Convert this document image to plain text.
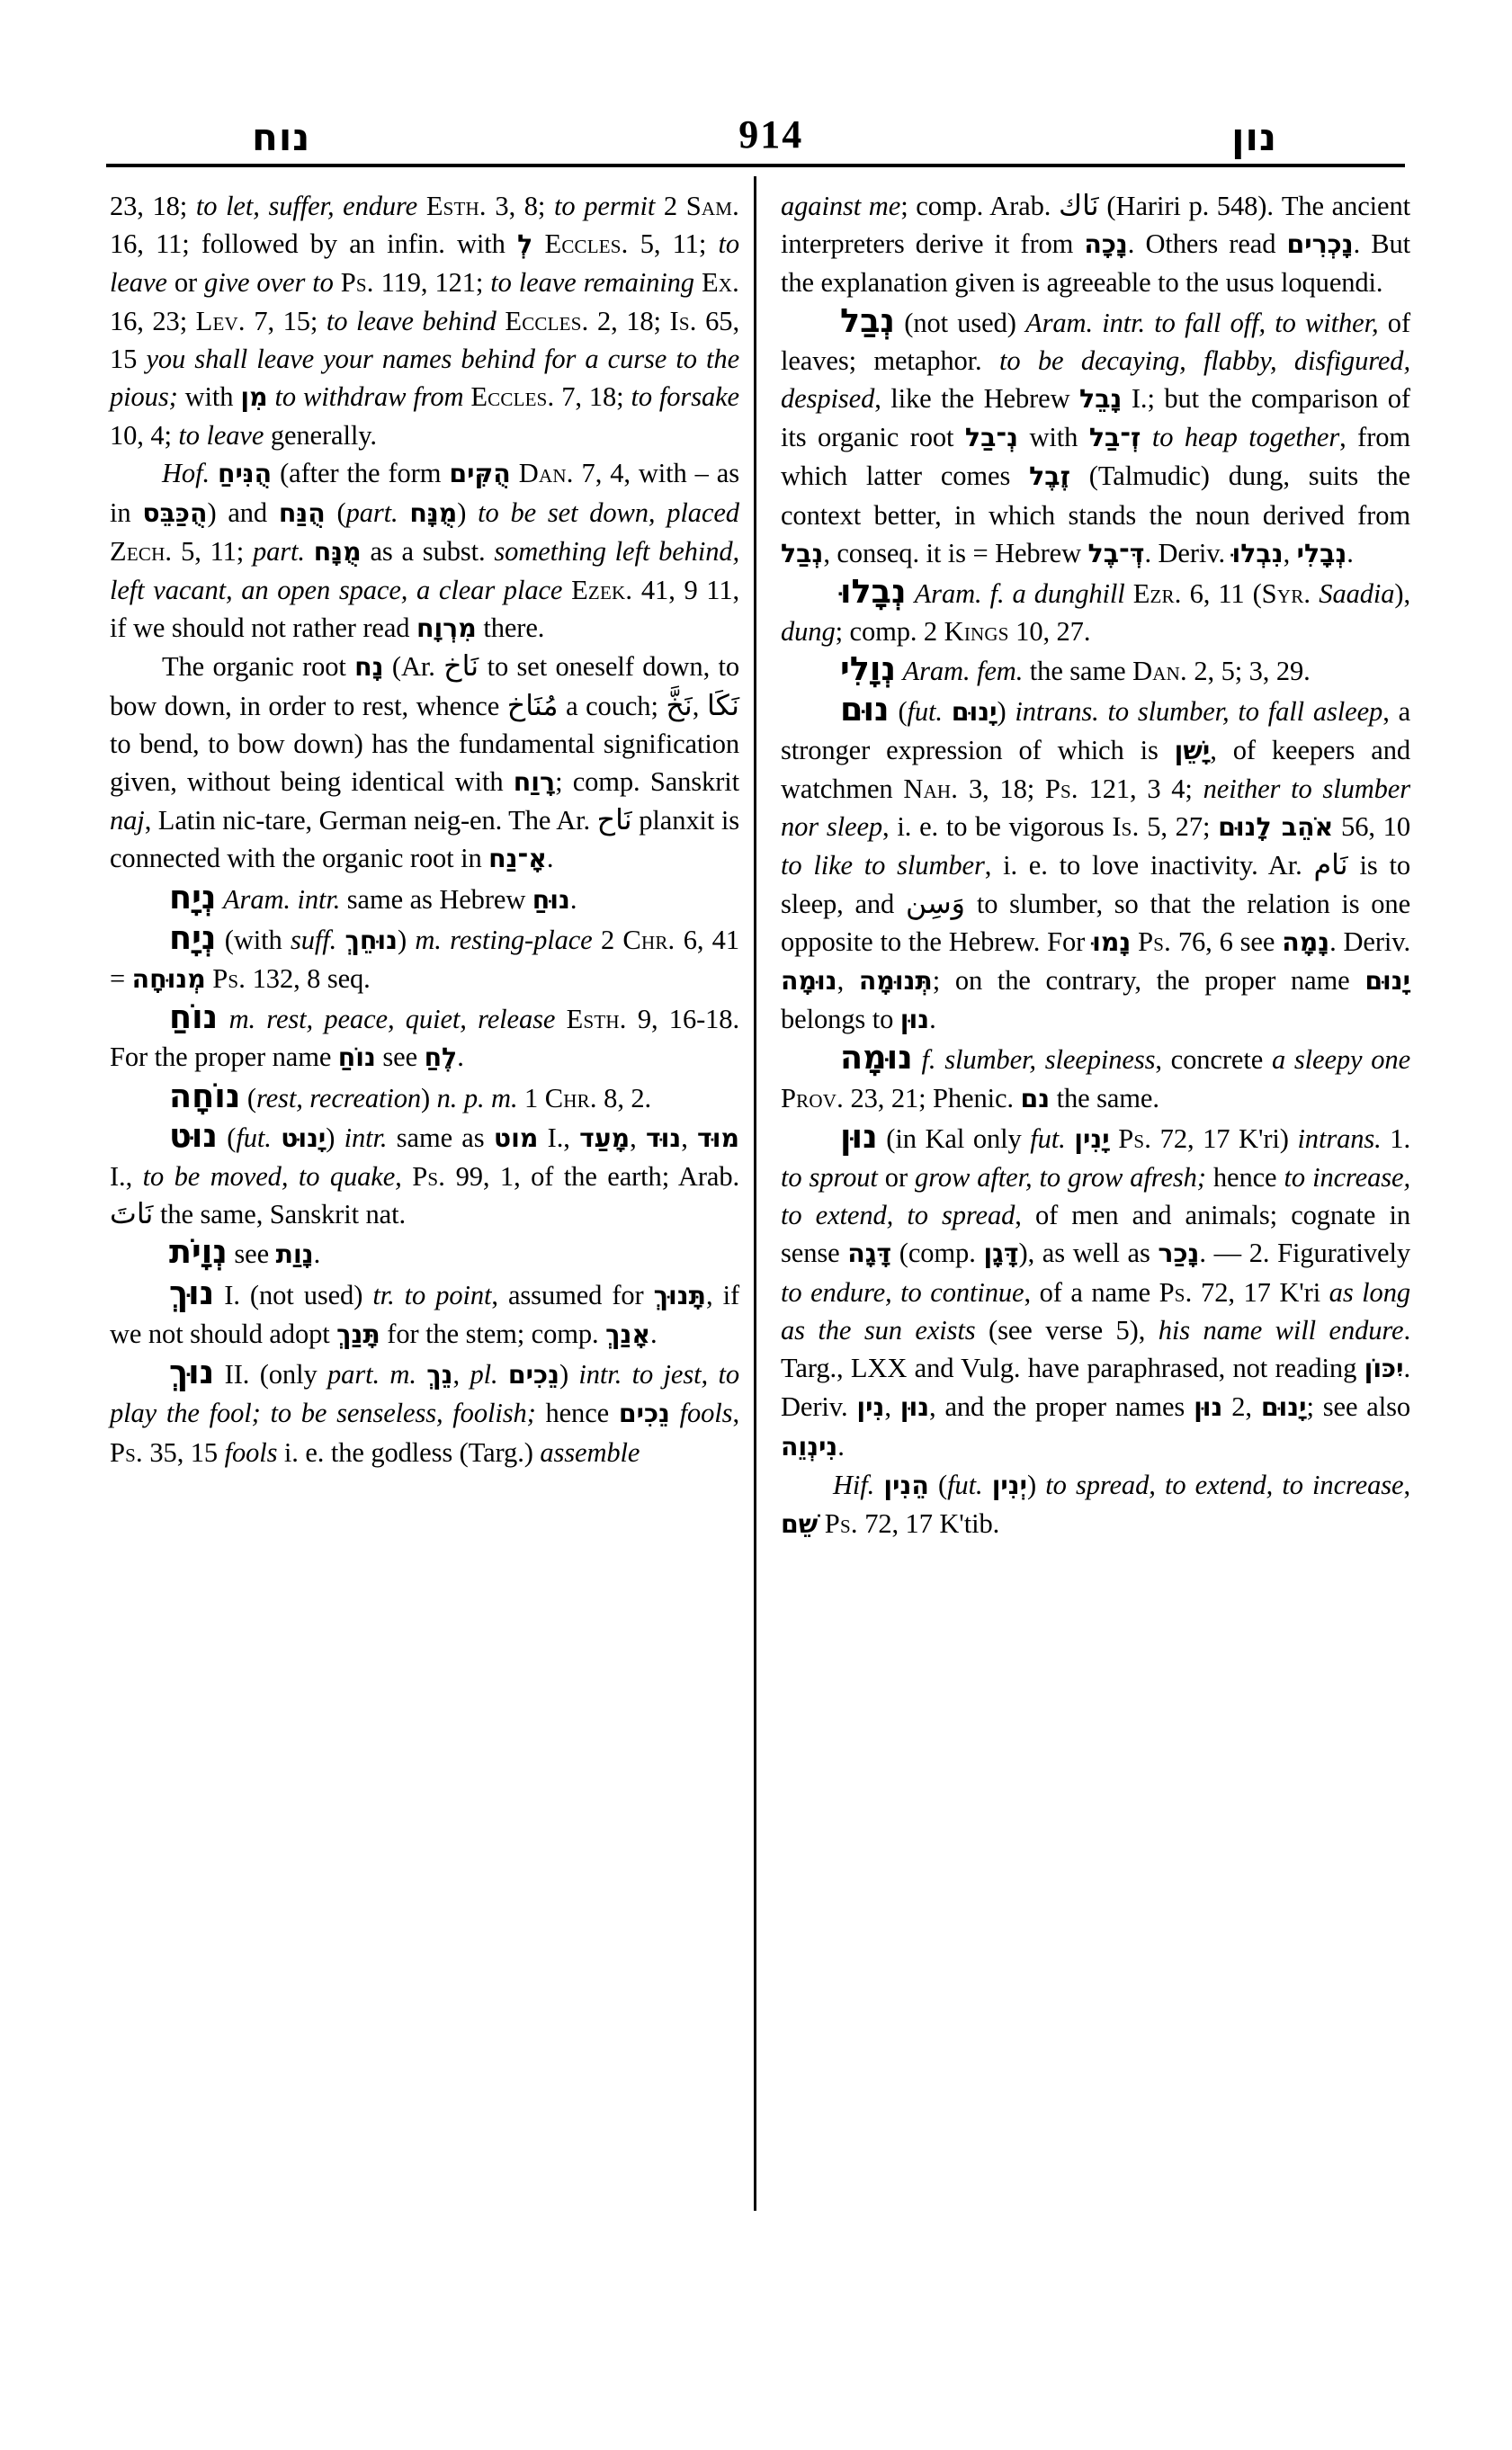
נוח	914	נון

23, 18; to let, suffer, endure Esth. 3, 8; to permit 2 Sam. 16, 11; followed by an infin. with לְ Eccles. 5, 11; to leave or give over to Ps. 119, 121; to leave remaining Ex. 16, 23; Lev. 7, 15; to leave behind Eccles. 2, 18; Is. 65, 15 you shall leave your names behind for a curse to the pious; with מִן to withdraw from Eccles. 7, 18; to forsake 10, 4; to leave generally.

Hof. הֻנִּיחַ (after the form הֻקִּים Dan. 7, 4, with – as in הֻכַּבֵּס) and הֻנַּח (part. מֻנָּח) to be set down, placed Zech. 5, 11; part. מֻנָּח as a subst. something left behind, left vacant, an open space, a clear place Ezek. 41, 9 11, if we should not rather read מִרְוָח there.

The organic root נָח (Ar. نَاخ to set oneself down, to bow down, in order to rest, whence مُنَاخ a couch; نَخَّ, نَكَا to bend, to bow down) has the fundamental signification given, without being identical with רָוַח; comp. Sanskrit naj, Latin nic-tare, German neig-en. The Ar. نَاح planxit is connected with the organic root in אָ־נַח.

נְיָח Aram. intr. same as Hebrew נוּחַ.

נְיָח (with suff. נוּחֵךְ) m. resting-place 2 Chr. 6, 41 = מְנוּחָה Ps. 132, 8 seq.

נוֹחַ m. rest, peace, quiet, release Esth. 9, 16-18. For the proper name נוֹחַ see לֶחַ.

נוֹחָה (rest, recreation) n. p. m. 1 Chr. 8, 2.

נוּט (fut. יָנוּט) intr. same as מוט I., מָעַד, נוּד, מוּד I., to be moved, to quake, Ps. 99, 1, of the earth; Arab. نَاتَ the same, Sanskrit nat.

נְוָיֹת see נָוַת.

נוּךְ I. (not used) tr. to point, assumed for תָּנוּךְ, if we not should adopt תָּנַךְ for the stem; comp. אָנַךְ.

נוּךְ II. (only part. m. נֵךְ, pl. נֵכִים) intr. to jest, to play the fool; to be senseless, foolish; hence נֵכִים fools, Ps. 35, 15 fools i. e. the godless (Targ.) assemble

against me; comp. Arab. نَاك (Hariri p. 548). The ancient interpreters derive it from נָכָה. Others read נָכְרִים. But the explanation given is agreeable to the usus loquendi.

נְבַל (not used) Aram. intr. to fall off, to wither, of leaves; metaphor. to be decaying, flabby, disfigured, despised, like the Hebrew נָבֵל I.; but the comparison of its organic root נְ־בַל with זְ־בַל to heap together, from which latter comes זֶבֶל (Talmudic) dung, suits the context better, in which stands the noun derived from נְבַל, conseq. it is = Hebrew דְּ־בֶל. Deriv. נִבְלוּ, נְבָלִי.

נְבָלוּ Aram. f. a dunghill Ezr. 6, 11 (Syr. Saadia), dung; comp. 2 Kings 10, 27.

נְוָלִי Aram. fem. the same Dan. 2, 5; 3, 29.

נוּם (fut. יָנוּם) intrans. to slumber, to fall asleep, a stronger expression of which is יָשֵׁן, of keepers and watchmen Nah. 3, 18; Ps. 121, 3 4; neither to slumber nor sleep, i. e. to be vigorous Is. 5, 27; אֹהֵב לָנוּם 56, 10 to like to slumber, i. e. to love inactivity. Ar. نَام is to sleep, and وَسِن to slumber, so that the relation is one opposite to the Hebrew. For נָמוּ Ps. 76, 6 see נָמָה. Deriv. נוּמָה, תְּנוּמָה; on the contrary, the proper name יָנוּם belongs to נוּן.

נוּמָה f. slumber, sleepiness, concrete a sleepy one Prov. 23, 21; Phenic. נם the same.

נוּן (in Kal only fut. יָנִין Ps. 72, 17 K'ri) intrans. 1. to sprout or grow after, to grow afresh; hence to increase, to extend, to spread, of men and animals; cognate in sense דָּגָה (comp. דָּגָן), as well as נָכַר. — 2. Figuratively to endure, to continue, of a name Ps. 72, 17 K'ri as long as the sun exists (see verse 5), his name will endure. Targ., LXX and Vulg. have paraphrased, not reading יִכּוֹן. Deriv. נִין, נוּן, and the proper names נוּן 2, יָנוּם; see also נִינְוֵה.

Hif. הֵנִין (fut. יְנִין) to spread, to extend, to increase, שֵׁם Ps. 72, 17 K'tib.
